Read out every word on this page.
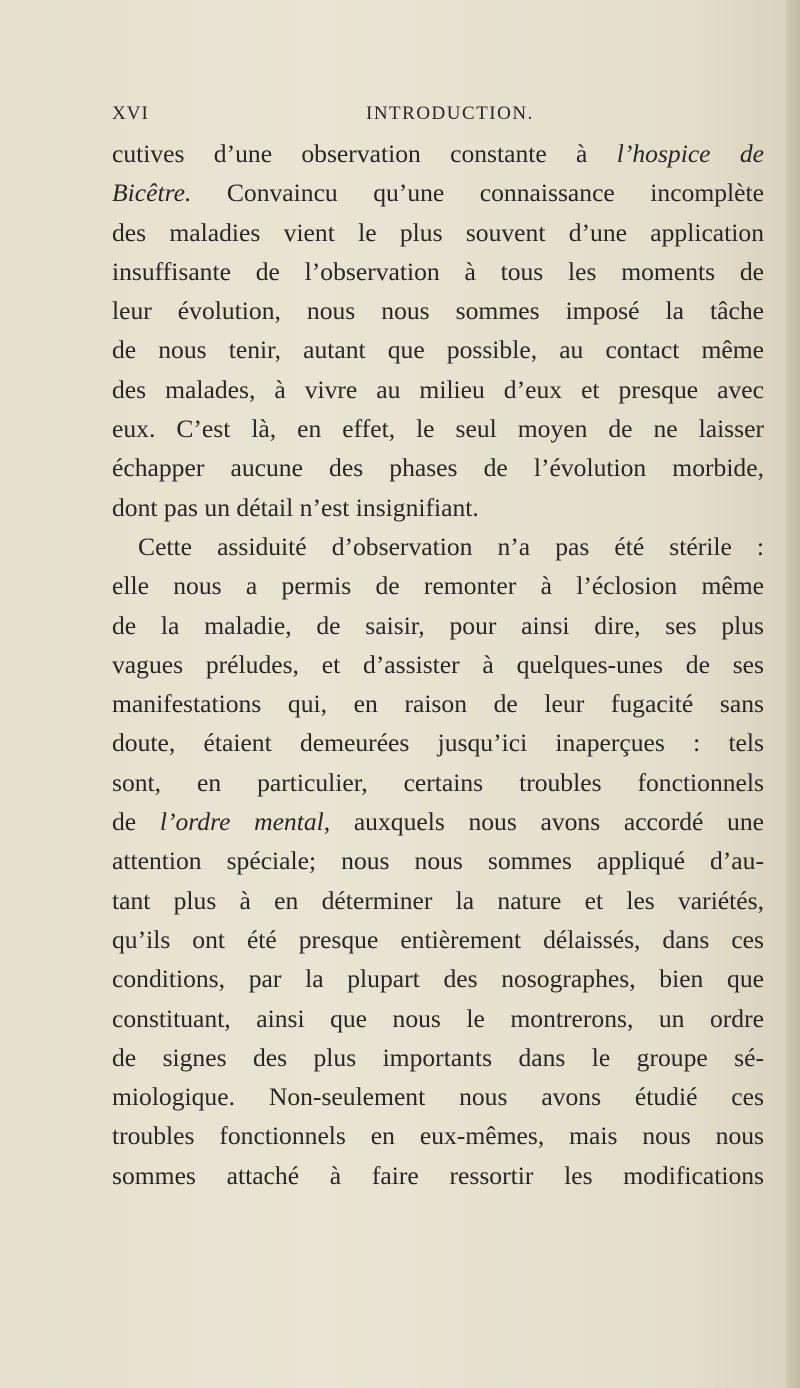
XVI	INTRODUCTION.
cutives d’une observation constante à l’hospice de
Bicêtre. Convaincu qu’une connaissance incomplète
des maladies vient le plus souvent d’une application
insuffisante de l’observation à tous les moments de
leur évolution, nous nous sommes imposé la tâche
de nous tenir, autant que possible, au contact même
des malades, à vivre au milieu d’eux et presque avec
eux. C’est là, en effet, le seul moyen de ne laisser
échapper aucune des phases de l’évolution morbide,
dont pas un détail n’est insignifiant.
Cette assiduité d’observation n’a pas été stérile :
elle nous a permis de remonter à l’éclosion même
de la maladie, de saisir, pour ainsi dire, ses plus
vagues préludes, et d’assister à quelques-unes de ses
manifestations qui, en raison de leur fugacité sans
doute, étaient demeurées jusqu’ici inaperçues : tels
sont, en particulier, certains troubles fonctionnels
de l’ordre mental, auxquels nous avons accordé une
attention spéciale; nous nous sommes appliqué d’au-
tant plus à en déterminer la nature et les variétés,
qu’ils ont été presque entièrement délaissés, dans ces
conditions, par la plupart des nosographes, bien que
constituant, ainsi que nous le montrerons, un ordre
de signes des plus importants dans le groupe sé-
miologique. Non-seulement nous avons étudié ces
troubles fonctionnels en eux-mêmes, mais nous nous
sommes attaché à faire ressortir les modifications
